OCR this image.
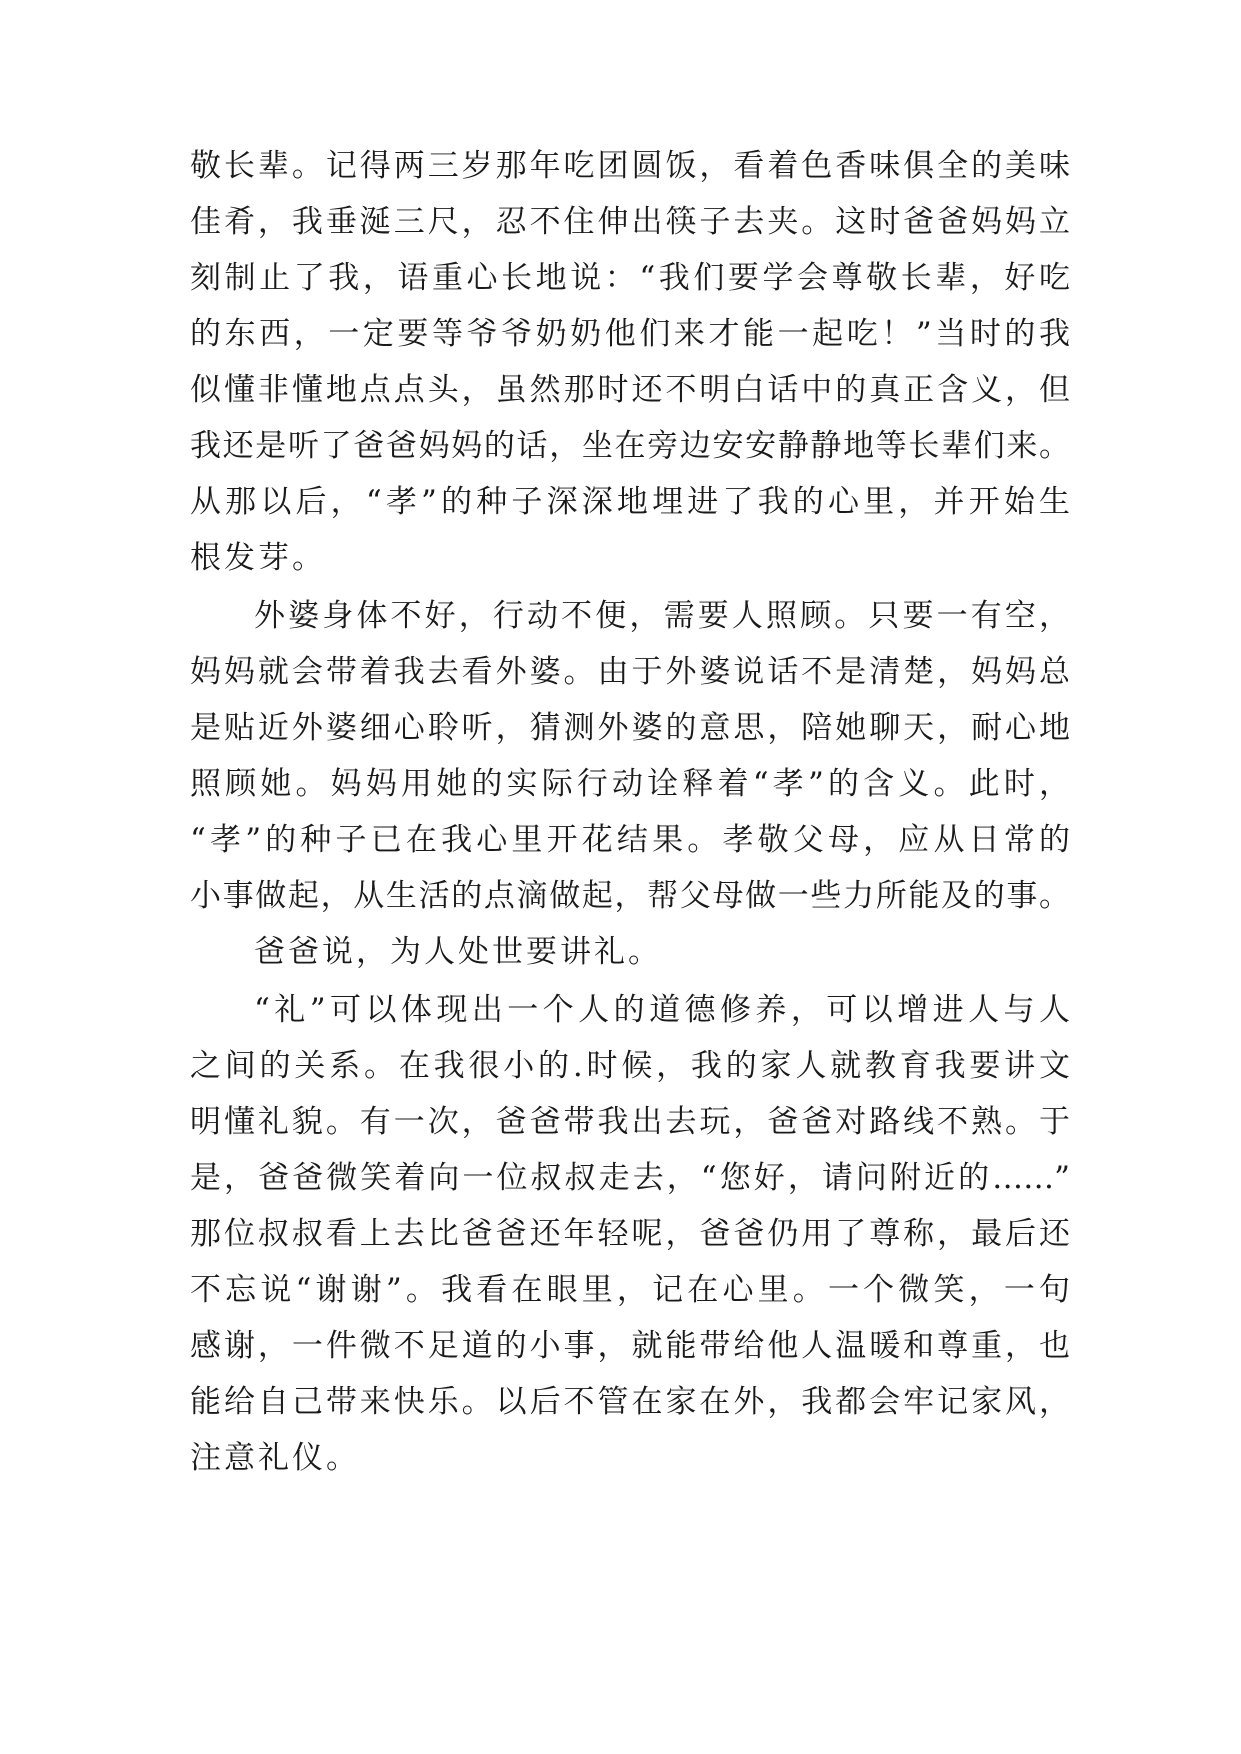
敬长辈。记得两三岁那年吃团圆饭，看着色香味俱全的美味
佳肴，我垂涎三尺，忍不住伸出筷子去夹。这时爸爸妈妈立
刻制止了我，语重心长地说：“我们要学会尊敬长辈，好吃
的东西，一定要等爷爷奶奶他们来才能一起吃！”当时的我
似懂非懂地点点头，虽然那时还不明白话中的真正含义，但
我还是听了爸爸妈妈的话，坐在旁边安安静静地等长辈们来。
从那以后，“孝”的种子深深地埋进了我的心里，并开始生
根发芽。
外婆身体不好，行动不便，需要人照顾。只要一有空，
妈妈就会带着我去看外婆。由于外婆说话不是清楚，妈妈总
是贴近外婆细心聆听，猜测外婆的意思，陪她聊天，耐心地
照顾她。妈妈用她的实际行动诠释着“孝”的含义。此时，
“孝”的种子已在我心里开花结果。孝敬父母，应从日常的
小事做起，从生活的点滴做起，帮父母做一些力所能及的事。
爸爸说，为人处世要讲礼。
“礼”可以体现出一个人的道德修养，可以增进人与人
之间的关系。在我很小的.时候，我的家人就教育我要讲文
明懂礼貌。有一次，爸爸带我出去玩，爸爸对路线不熟。于
是，爸爸微笑着向一位叔叔走去，“您好，请问附近的……”
那位叔叔看上去比爸爸还年轻呢，爸爸仍用了尊称，最后还
不忘说“谢谢”。我看在眼里，记在心里。一个微笑，一句
感谢，一件微不足道的小事，就能带给他人温暖和尊重，也
能给自己带来快乐。以后不管在家在外，我都会牢记家风，
注意礼仪。
